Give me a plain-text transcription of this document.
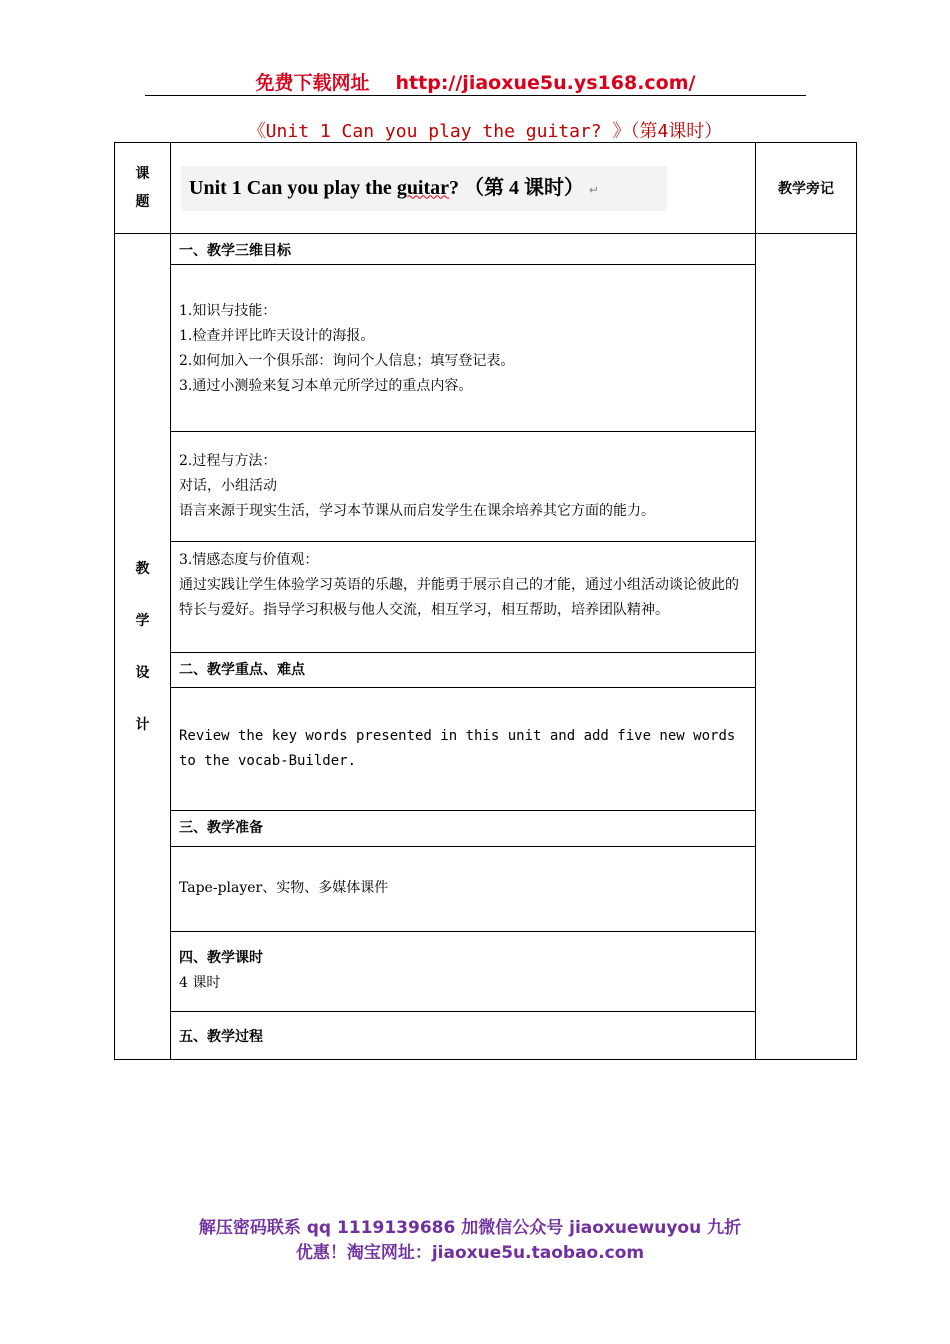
免费下载网址 http://jiaoxue5u.ys168.com/
《Unit 1 Can you play the guitar? 》（第4课时）
课
题	Unit 1 Can you play the guitar? （第 4 课时） ↵	教学旁记

教
学
设
计	一、教学三维目标	

	1.知识与技能：

1.检查并评比昨天设计的海报。

2.如何加入一个俱乐部：询问个人信息；填写登记表。

3.通过小测验来复习本单元所学过的重点内容。	

	2.过程与方法：

对话，小组活动

语言来源于现实生活，学习本节课从而启发学生在课余培养其它方面的能力。	

	3.情感态度与价值观：

通过实践让学生体验学习英语的乐趣，并能勇于展示自己的才能，通过小组活动谈论彼此的特长与爱好。指导学习积极与他人交流，相互学习，相互帮助，培养团队精神。	

	二、教学重点、难点	
	Review the key words presented in this unit and add five new words to the vocab-Builder.	
	三、教学准备	
	Tape-player、实物、多媒体课件	

	四、教学课时
4 课时	

	五、教学过程	
解压密码联系 qq 1119139686 加微信公众号 jiaoxuewuyou 九折
优惠！淘宝网址：jiaoxue5u.taobao.com
